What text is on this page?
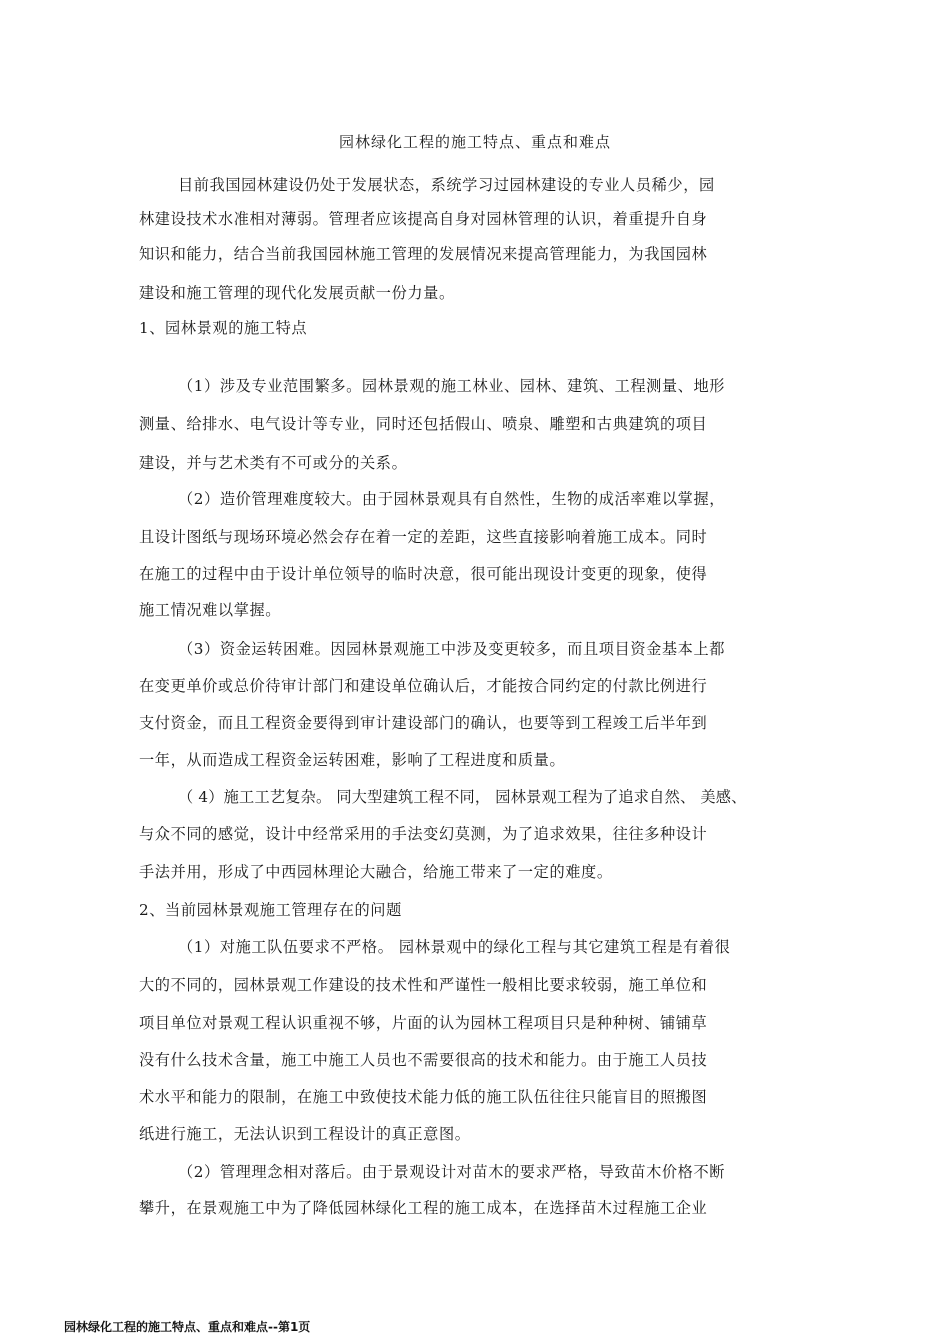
园林绿化工程的施工特点、重点和难点
目前我国园林建设仍处于发展状态，系统学习过园林建设的专业人员稀少，园
林建设技术水准相对薄弱。管理者应该提高自身对园林管理的认识，着重提升自身
知识和能力，结合当前我国园林施工管理的发展情况来提高管理能力，为我国园林
建设和施工管理的现代化发展贡献一份力量。
1、园林景观的施工特点
（1）涉及专业范围繁多。园林景观的施工林业、园林、建筑、工程测量、地形
测量、给排水、电气设计等专业，同时还包括假山、喷泉、雕塑和古典建筑的项目
建设，并与艺术类有不可或分的关系。
（2）造价管理难度较大。由于园林景观具有自然性，生物的成活率难以掌握，
且设计图纸与现场环境必然会存在着一定的差距，这些直接影响着施工成本。同时
在施工的过程中由于设计单位领导的临时决意，很可能出现设计变更的现象，使得
施工情况难以掌握。
（3）资金运转困难。因园林景观施工中涉及变更较多，而且项目资金基本上都
在变更单价或总价待审计部门和建设单位确认后，才能按合同约定的付款比例进行
支付资金，而且工程资金要得到审计建设部门的确认，也要等到工程竣工后半年到
一年，从而造成工程资金运转困难，影响了工程进度和质量。
（ 4）施工工艺复杂。 同大型建筑工程不同， 园林景观工程为了追求自然、 美感、
与众不同的感觉，设计中经常采用的手法变幻莫测，为了追求效果，往往多种设计
手法并用，形成了中西园林理论大融合，给施工带来了一定的难度。
2、当前园林景观施工管理存在的问题
（1）对施工队伍要求不严格。 园林景观中的绿化工程与其它建筑工程是有着很
大的不同的，园林景观工作建设的技术性和严谨性一般相比要求较弱，施工单位和
项目单位对景观工程认识重视不够，片面的认为园林工程项目只是种种树、铺铺草
没有什么技术含量，施工中施工人员也不需要很高的技术和能力。由于施工人员技
术水平和能力的限制，在施工中致使技术能力低的施工队伍往往只能盲目的照搬图
纸进行施工，无法认识到工程设计的真正意图。
（2）管理理念相对落后。由于景观设计对苗木的要求严格，导致苗木价格不断
攀升，在景观施工中为了降低园林绿化工程的施工成本，在选择苗木过程施工企业
园林绿化工程的施工特点、重点和难点--第1页
